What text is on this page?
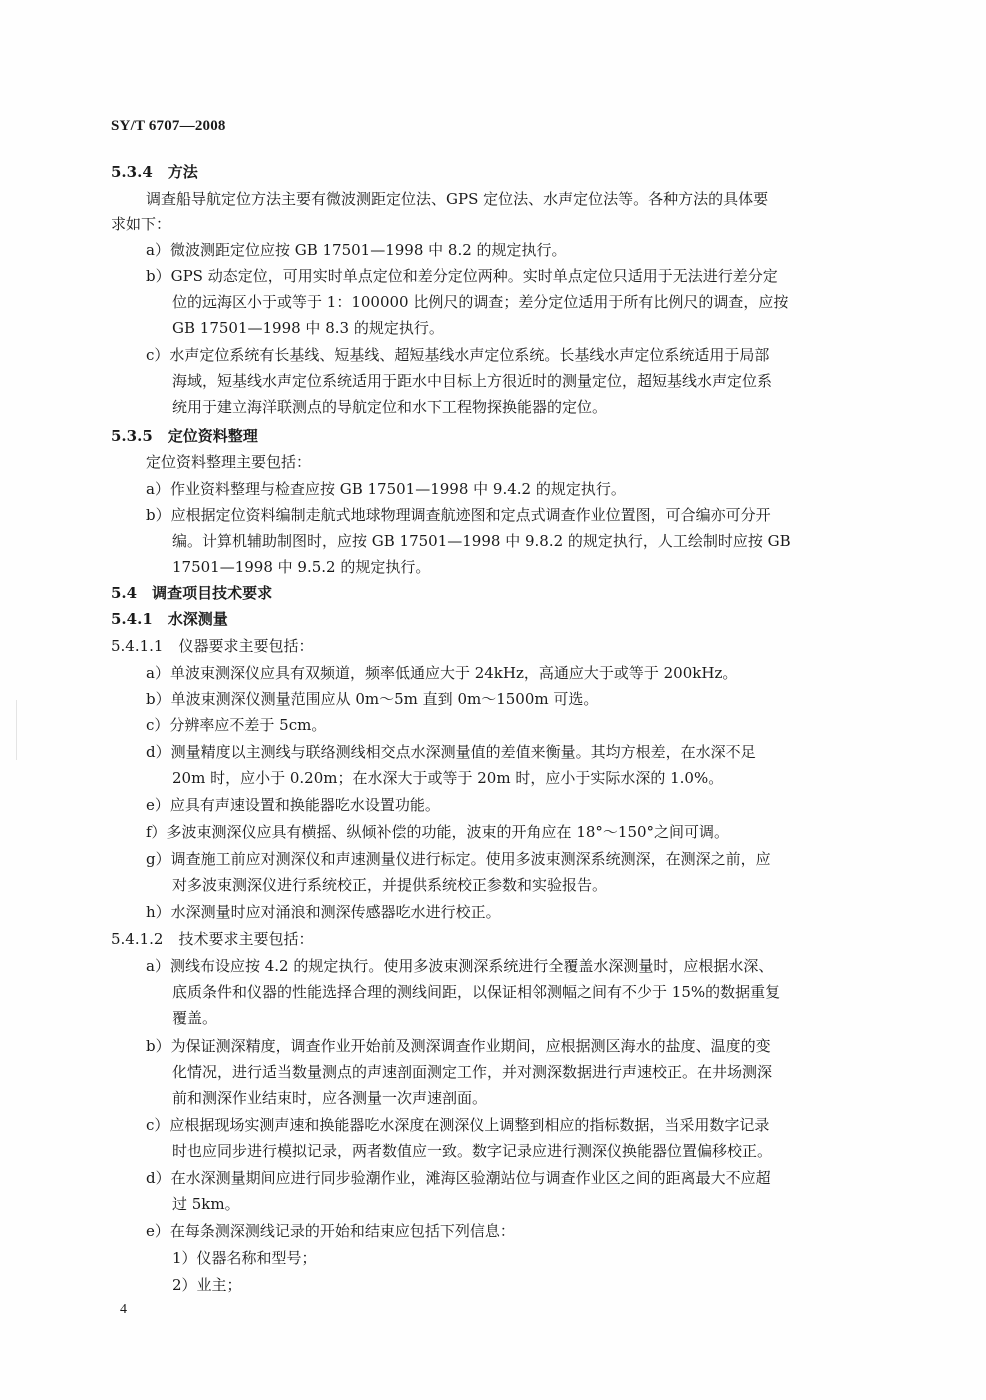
SY/T 6707—2008
5.3.4　方法
调查船导航定位方法主要有微波测距定位法、GPS 定位法、水声定位法等。各种方法的具体要
求如下：
a）微波测距定位应按 GB 17501—1998 中 8.2 的规定执行。
b）GPS 动态定位，可用实时单点定位和差分定位两种。实时单点定位只适用于无法进行差分定
位的远海区小于或等于 1：100000 比例尺的调查；差分定位适用于所有比例尺的调查，应按
GB 17501—1998 中 8.3 的规定执行。
c）水声定位系统有长基线、短基线、超短基线水声定位系统。长基线水声定位系统适用于局部
海域，短基线水声定位系统适用于距水中目标上方很近时的测量定位，超短基线水声定位系
统用于建立海洋联测点的导航定位和水下工程物探换能器的定位。
5.3.5　定位资料整理
定位资料整理主要包括：
a）作业资料整理与检查应按 GB 17501—1998 中 9.4.2 的规定执行。
b）应根据定位资料编制走航式地球物理调查航迹图和定点式调查作业位置图，可合编亦可分开
编。计算机辅助制图时，应按 GB 17501—1998 中 9.8.2 的规定执行，人工绘制时应按 GB
17501—1998 中 9.5.2 的规定执行。
5.4　调查项目技术要求
5.4.1　水深测量
5.4.1.1　仪器要求主要包括：
a）单波束测深仪应具有双频道，频率低通应大于 24kHz，高通应大于或等于 200kHz。
b）单波束测深仪测量范围应从 0m～5m 直到 0m～1500m 可选。
c）分辨率应不差于 5cm。
d）测量精度以主测线与联络测线相交点水深测量值的差值来衡量。其均方根差，在水深不足
20m 时，应小于 0.20m；在水深大于或等于 20m 时，应小于实际水深的 1.0%。
e）应具有声速设置和换能器吃水设置功能。
f）多波束测深仪应具有横摇、纵倾补偿的功能，波束的开角应在 18°～150°之间可调。
g）调查施工前应对测深仪和声速测量仪进行标定。使用多波束测深系统测深，在测深之前，应
对多波束测深仪进行系统校正，并提供系统校正参数和实验报告。
h）水深测量时应对涌浪和测深传感器吃水进行校正。
5.4.1.2　技术要求主要包括：
a）测线布设应按 4.2 的规定执行。使用多波束测深系统进行全覆盖水深测量时，应根据水深、
底质条件和仪器的性能选择合理的测线间距，以保证相邻测幅之间有不少于 15%的数据重复
覆盖。
b）为保证测深精度，调查作业开始前及测深调查作业期间，应根据测区海水的盐度、温度的变
化情况，进行适当数量测点的声速剖面测定工作，并对测深数据进行声速校正。在井场测深
前和测深作业结束时，应各测量一次声速剖面。
c）应根据现场实测声速和换能器吃水深度在测深仪上调整到相应的指标数据，当采用数字记录
时也应同步进行模拟记录，两者数值应一致。数字记录应进行测深仪换能器位置偏移校正。
d）在水深测量期间应进行同步验潮作业，滩海区验潮站位与调查作业区之间的距离最大不应超
过 5km。
e）在每条测深测线记录的开始和结束应包括下列信息：
1）仪器名称和型号；
2）业主；
4
